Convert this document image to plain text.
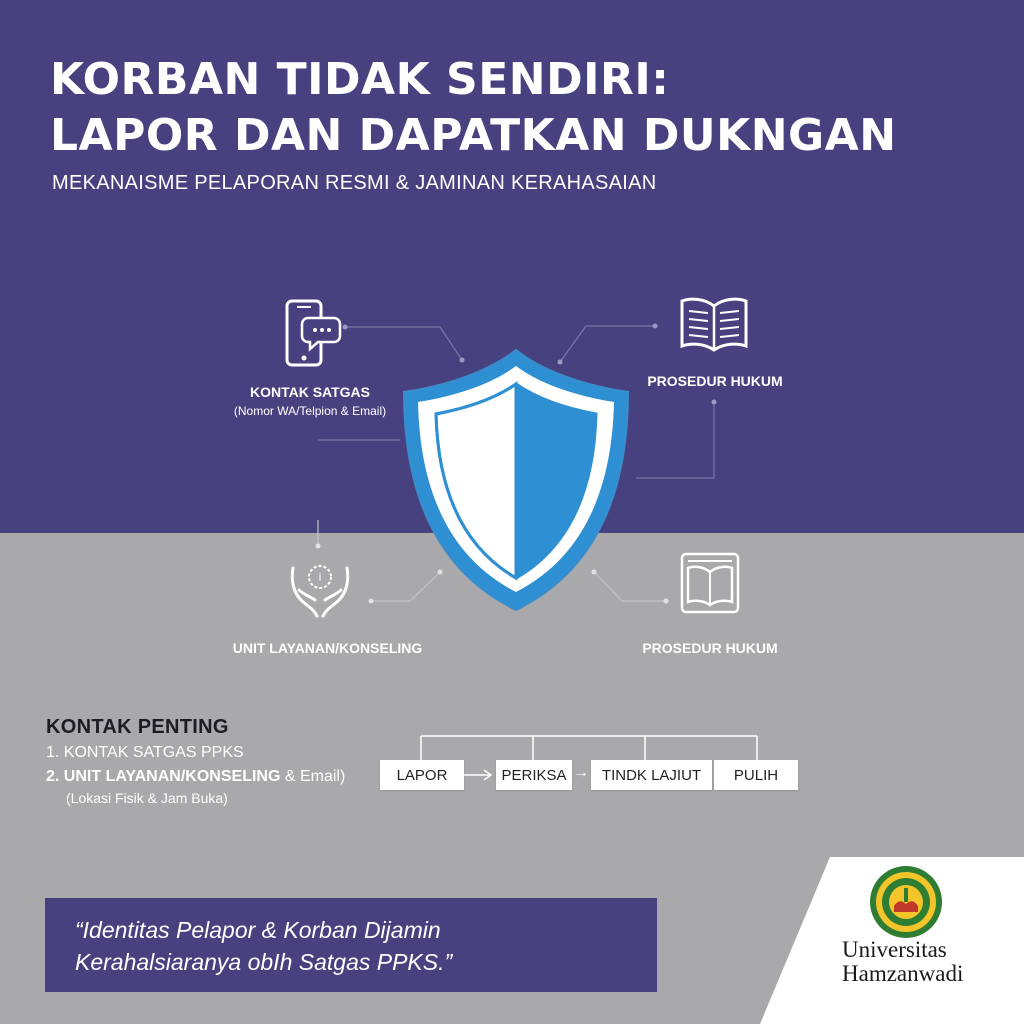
KORBAN TIDAK SENDIRI:
LAPOR DAN DAPATKAN DUKNGAN
MEKANAISME PELAPORAN RESMI & JAMINAN KERAHASAIAN
KONTAK SATGAS
(Nomor WA/Telpion & Email)
PROSEDUR HUKUM
i
UNIT LAYANAN/KONSELING	PROSEDUR HUKUM
KONTAK PENTING
1. KONTAK SATGAS PPKS
2. UNIT LAYANAN/KONSELING & Email)
(Lokasi Fisik & Jam Buka)
LAPOR	PERIKSA → TINDK LAJIUT	PULIH
“Identitas Pelapor & Korban Dijamin
Kerahalsiaranya obIh Satgas PPKS.”	Universitas
Hamzanwadi
